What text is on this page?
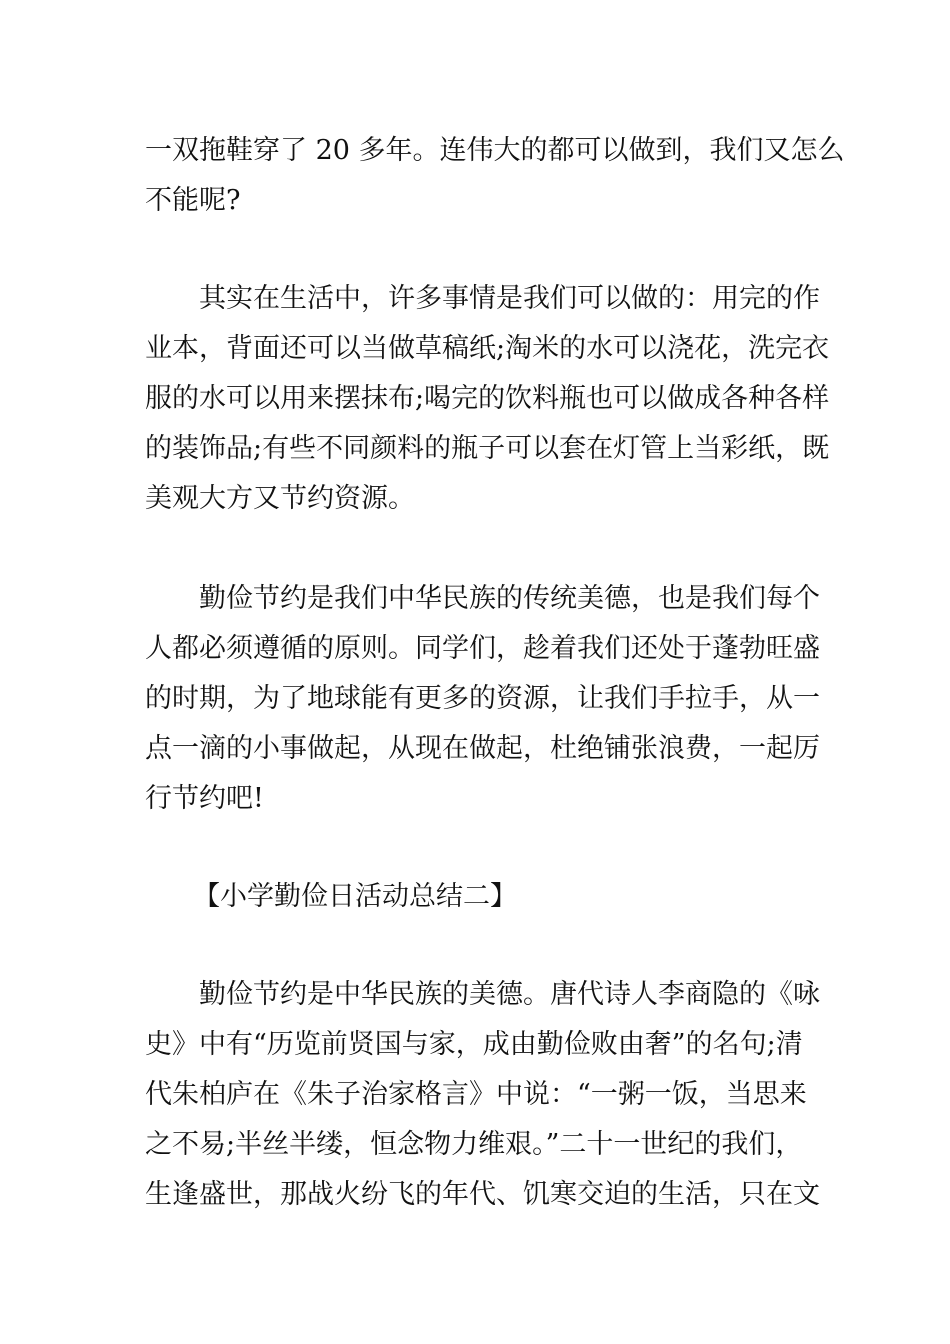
一双拖鞋穿了 20 多年。连伟大的都可以做到，我们又怎么
不能呢?
　　其实在生活中，许多事情是我们可以做的：用完的作
业本，背面还可以当做草稿纸;淘米的水可以浇花，洗完衣
服的水可以用来摆抹布;喝完的饮料瓶也可以做成各种各样
的装饰品;有些不同颜料的瓶子可以套在灯管上当彩纸，既
美观大方又节约资源。
　　勤俭节约是我们中华民族的传统美德，也是我们每个
人都必须遵循的原则。同学们，趁着我们还处于蓬勃旺盛
的时期，为了地球能有更多的资源，让我们手拉手，从一
点一滴的小事做起，从现在做起，杜绝铺张浪费，一起厉
行节约吧!
【小学勤俭日活动总结二】
　　勤俭节约是中华民族的美德。唐代诗人李商隐的《咏
史》中有“历览前贤国与家，成由勤俭败由奢”的名句;清
代朱柏庐在《朱子治家格言》中说：“一粥一饭，当思来
之不易;半丝半缕，恒念物力维艰。”二十一世纪的我们，
生逢盛世，那战火纷飞的年代、饥寒交迫的生活，只在文
